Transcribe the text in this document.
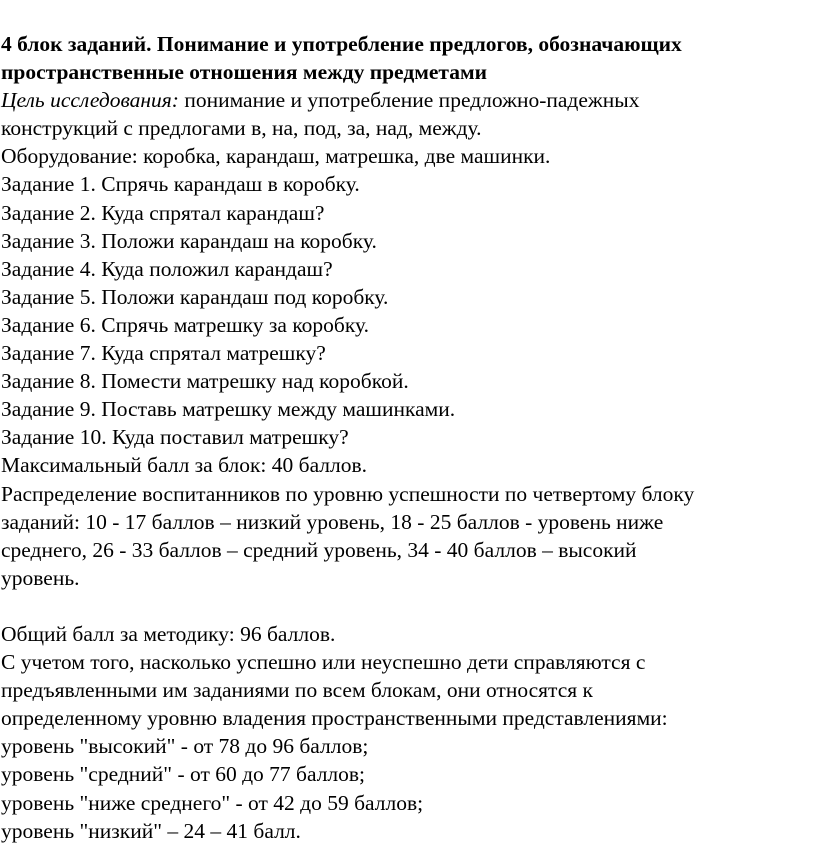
4 блок заданий. Понимание и употребление предлогов, обозначающих
пространственные отношения между предметами
Цель исследования: понимание и употребление предложно-падежных
конструкций с предлогами в, на, под, за, над, между.
Оборудование: коробка, карандаш, матрешка, две машинки.
Задание 1. Спрячь карандаш в коробку.
Задание 2. Куда спрятал карандаш?
Задание 3. Положи карандаш на коробку.
Задание 4. Куда положил карандаш?
Задание 5. Положи карандаш под коробку.
Задание 6. Спрячь матрешку за коробку.
Задание 7. Куда спрятал матрешку?
Задание 8. Помести матрешку над коробкой.
Задание 9. Поставь матрешку между машинками.
Задание 10. Куда поставил матрешку?
Максимальный балл за блок: 40 баллов.
Распределение воспитанников по уровню успешности по четвертому блоку
заданий: 10 - 17 баллов – низкий уровень, 18 - 25 баллов - уровень ниже
среднего, 26 - 33 баллов – средний уровень, 34 - 40 баллов – высокий
уровень.
Общий балл за методику: 96 баллов.
С учетом того, насколько успешно или неуспешно дети справляются с
предъявленными им заданиями по всем блокам, они относятся к
определенному уровню владения пространственными представлениями:
уровень "высокий" - от 78 до 96 баллов;
уровень "средний" - от 60 до 77 баллов;
уровень "ниже среднего" - от 42 до 59 баллов;
уровень "низкий" – 24 – 41 балл.
